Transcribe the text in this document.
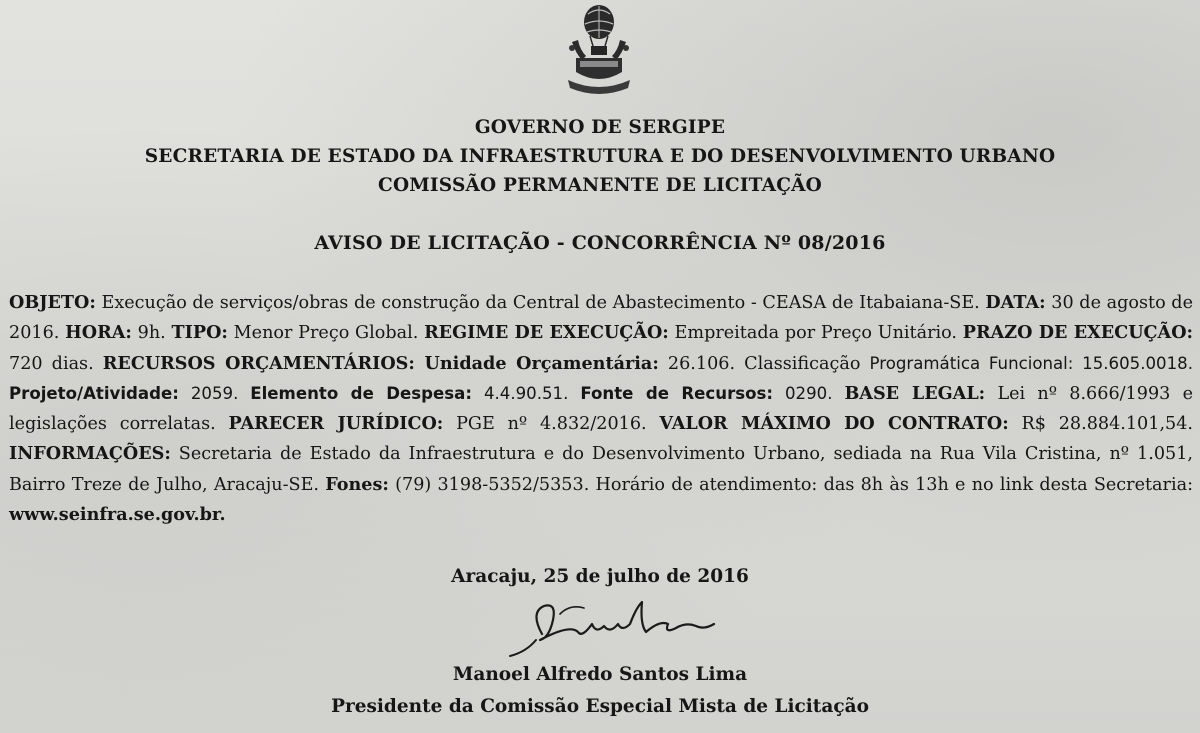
GOVERNO DE SERGIPE
SECRETARIA DE ESTADO DA INFRAESTRUTURA E DO DESENVOLVIMENTO URBANO
COMISSÃO PERMANENTE DE LICITAÇÃO
AVISO DE LICITAÇÃO - CONCORRÊNCIA Nº 08/2016
OBJETO: Execução de serviços/obras de construção da Central de Abastecimento - CEASA de Itabaiana-SE. DATA: 30 de agosto de 2016. HORA: 9h. TIPO: Menor Preço Global. REGIME DE EXECUÇÃO: Empreitada por Preço Unitário. PRAZO DE EXECUÇÃO: 720 dias. RECURSOS ORÇAMENTÁRIOS: Unidade Orçamentária: 26.106. Classificação Programática Funcional: 15.605.0018. Projeto/Atividade: 2059. Elemento de Despesa: 4.4.90.51. Fonte de Recursos: 0290. BASE LEGAL: Lei nº 8.666/1993 e legislações correlatas. PARECER JURÍDICO: PGE nº 4.832/2016. VALOR MÁXIMO DO CONTRATO: R$ 28.884.101,54. INFORMAÇÕES: Secretaria de Estado da Infraestrutura e do Desenvolvimento Urbano, sediada na Rua Vila Cristina, nº 1.051, Bairro Treze de Julho, Aracaju-SE. Fones: (79) 3198-5352/5353. Horário de atendimento: das 8h às 13h e no link desta Secretaria: www.seinfra.se.gov.br.
Aracaju, 25 de julho de 2016
Manoel Alfredo Santos Lima
Presidente da Comissão Especial Mista de Licitação
